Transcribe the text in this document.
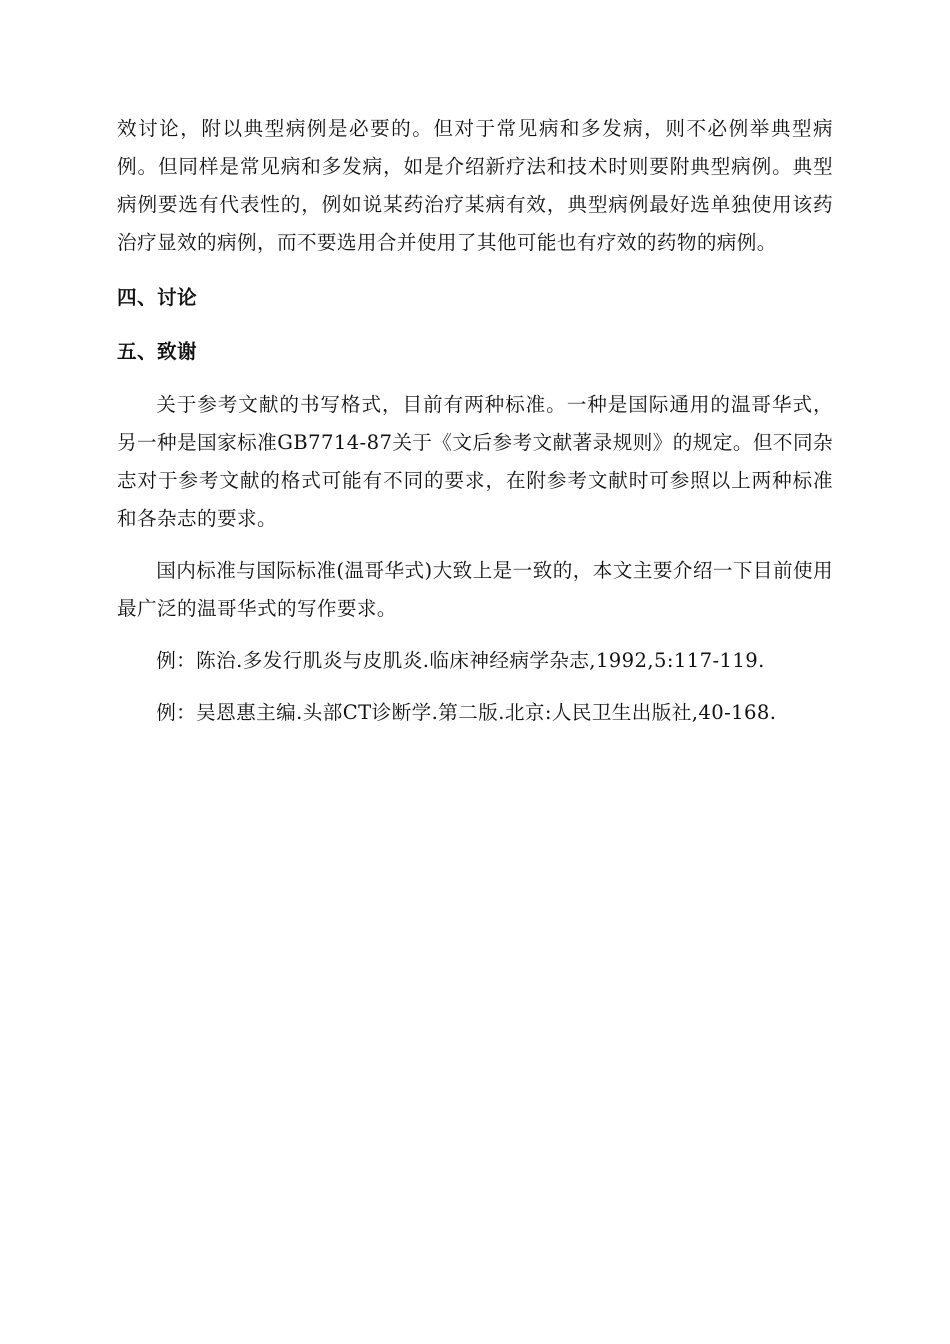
效讨论，附以典型病例是必要的。但对于常见病和多发病，则不必例举典型病例。但同样是常见病和多发病，如是介绍新疗法和技术时则要附典型病例。典型病例要选有代表性的，例如说某药治疗某病有效，典型病例最好选单独使用该药治疗显效的病例，而不要选用合并使用了其他可能也有疗效的药物的病例。

四、讨论
五、致谢

关于参考文献的书写格式，目前有两种标准。一种是国际通用的温哥华式，另一种是国家标准GB7714-87关于《文后参考文献著录规则》的规定。但不同杂志对于参考文献的格式可能有不同的要求，在附参考文献时可参照以上两种标准和各杂志的要求。

国内标准与国际标准(温哥华式)大致上是一致的，本文主要介绍一下目前使用最广泛的温哥华式的写作要求。

例：陈治.多发行肌炎与皮肌炎.临床神经病学杂志,1992,5:117-119.

例：吴恩惠主编.头部CT诊断学.第二版.北京:人民卫生出版社,40-168.
